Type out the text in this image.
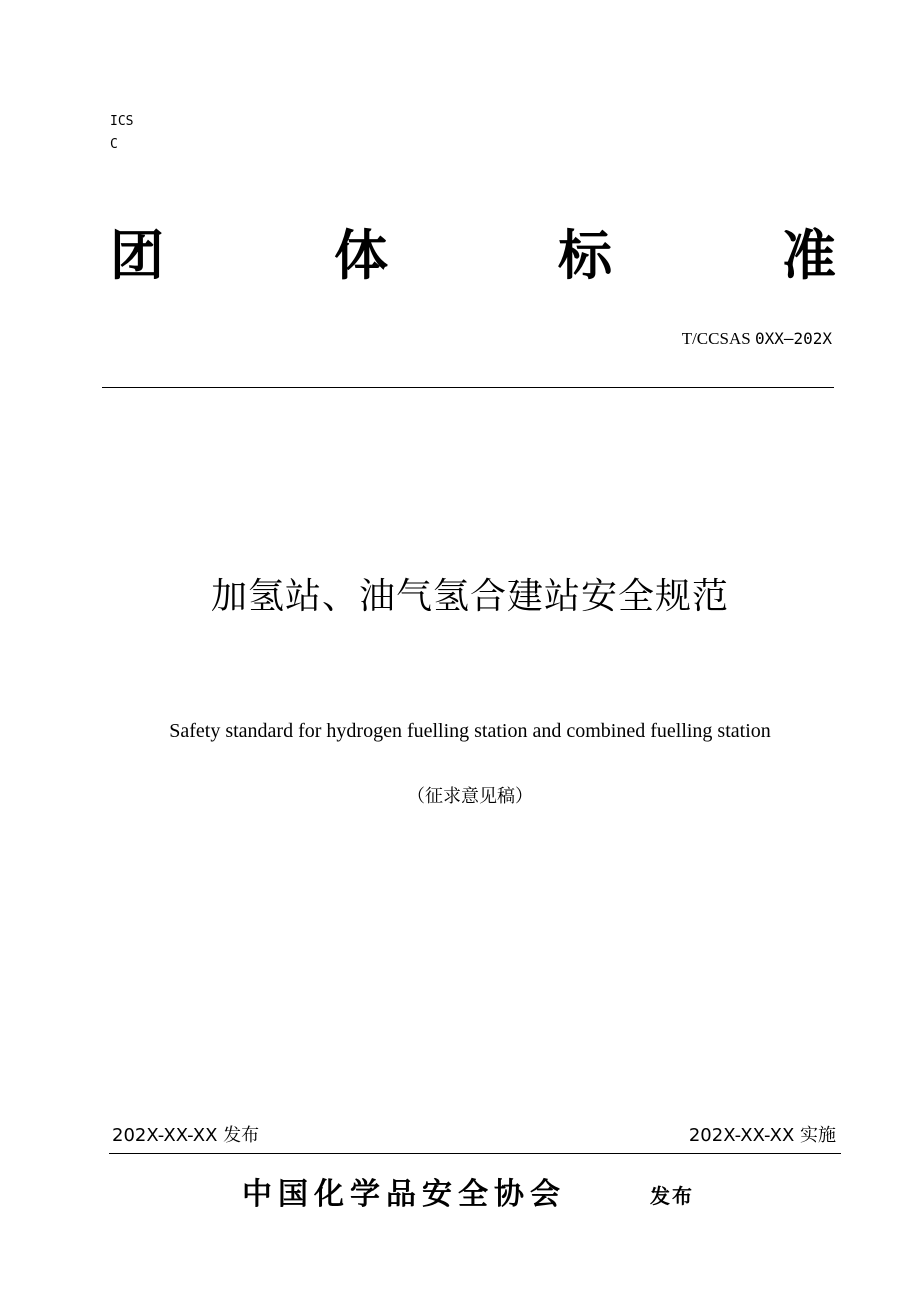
ICS
C
团	体	标	准
T/CCSAS 0XX—202X
加氢站、油气氢合建站安全规范
Safety standard for hydrogen fuelling station and combined fuelling station
（征求意见稿）
202X-XX-XX 发布	202X-XX-XX 实施
中国化学品安全协会	发布
